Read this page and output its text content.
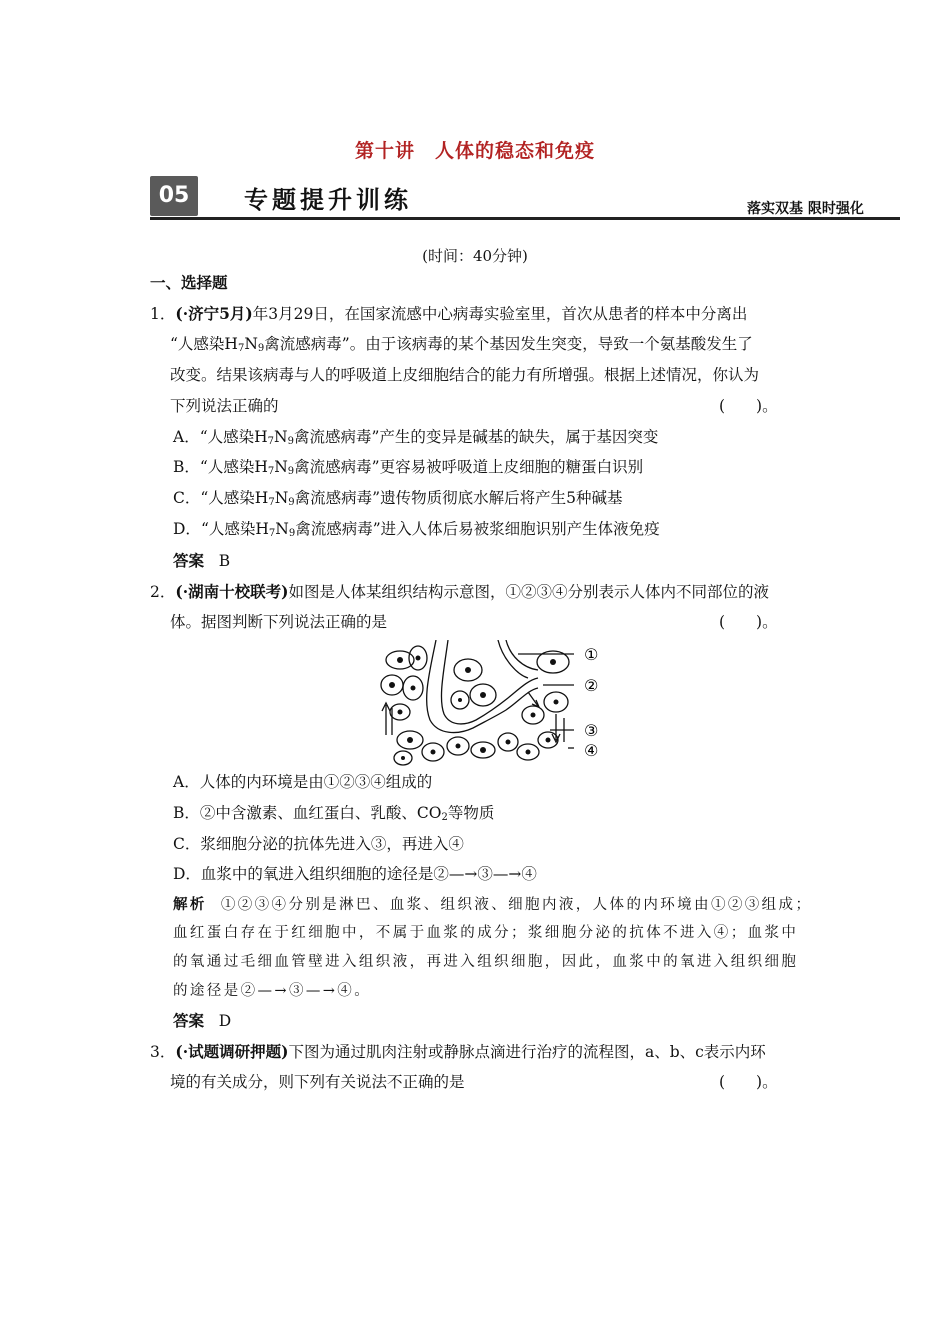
第十讲　人体的稳态和免疫
05	专题提升训练	落实双基 限时强化
(时间：40分钟)
一、选择题
1．(·济宁5月)年3月29日，在国家流感中心病毒实验室里，首次从患者的样本中分离出
“人感染$H_7N_9$禽流感病毒”。由于该病毒的某个基因发生突变，导致一个氨基酸发生了
改变。结果该病毒与人的呼吸道上皮细胞结合的能力有所增强。根据上述情况，你认为
下列说法正确的	(　　)。
A．“人感染$H_7N_9$禽流感病毒”产生的变异是碱基的缺失，属于基因突变
B．“人感染$H_7N_9$禽流感病毒”更容易被呼吸道上皮细胞的糖蛋白识别
C．“人感染$H_7N_9$禽流感病毒”遗传物质彻底水解后将产生5种碱基
D．“人感染$H_7N_9$禽流感病毒”进入人体后易被浆细胞识别产生体液免疫
答案 B
2．(·湖南十校联考)如图是人体某组织结构示意图，①②③④分别表示人体内不同部位的液
体。据图判断下列说法正确的是	(　　)。
①
②
③
④
A．人体的内环境是由①②③④组成的
B．②中含激素、血红蛋白、乳酸、$CO_2$等物质
C．浆细胞分泌的抗体先进入③，再进入④
D．血浆中的氧进入组织细胞的途径是②—→③—→④
解析 ①②③④分别是淋巴、血浆、组织液、细胞内液，人体的内环境由①②③组成；
血红蛋白存在于红细胞中，不属于血浆的成分；浆细胞分泌的抗体不进入④；血浆中
的氧通过毛细血管壁进入组织液，再进入组织细胞，因此，血浆中的氧进入组织细胞
的途径是②—→③—→④。
答案 D
3．(·试题调研押题)下图为通过肌肉注射或静脉点滴进行治疗的流程图，a、b、c表示内环
境的有关成分，则下列有关说法不正确的是	(　　)。
